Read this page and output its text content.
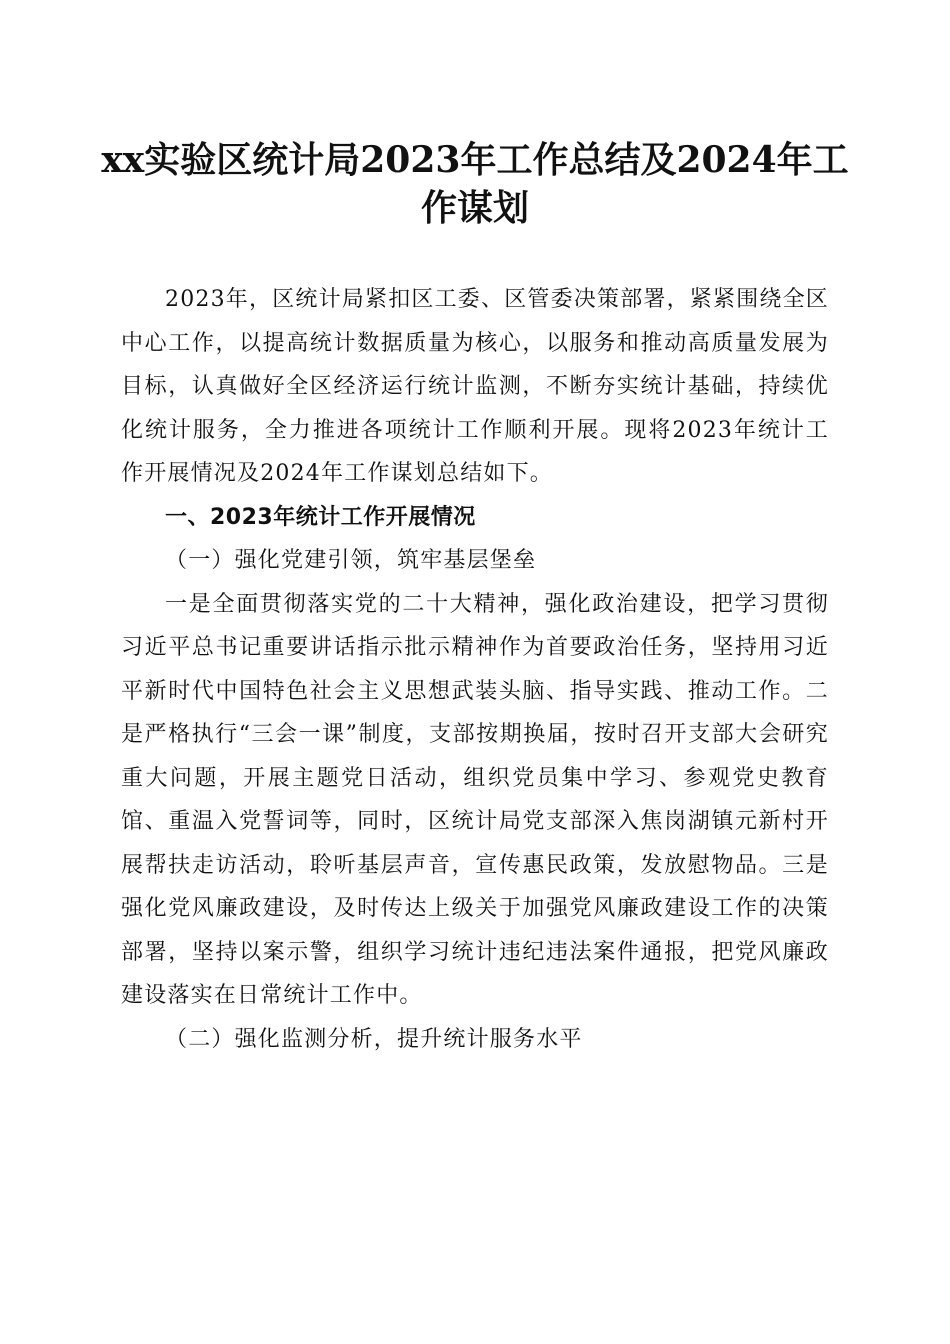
xx实验区统计局2023年工作总结及2024年工作谋划

2023年，区统计局紧扣区工委、区管委决策部署，紧紧围绕全区中心工作，以提高统计数据质量为核心，以服务和推动高质量发展为目标，认真做好全区经济运行统计监测，不断夯实统计基础，持续优化统计服务，全力推进各项统计工作顺利开展。现将2023年统计工作开展情况及2024年工作谋划总结如下。

一、2023年统计工作开展情况

（一）强化党建引领，筑牢基层堡垒

一是全面贯彻落实党的二十大精神，强化政治建设，把学习贯彻习近平总书记重要讲话指示批示精神作为首要政治任务，坚持用习近平新时代中国特色社会主义思想武装头脑、指导实践、推动工作。二是严格执行“三会一课”制度，支部按期换届，按时召开支部大会研究重大问题，开展主题党日活动，组织党员集中学习、参观党史教育馆、重温入党誓词等，同时，区统计局党支部深入焦岗湖镇元新村开展帮扶走访活动，聆听基层声音，宣传惠民政策，发放慰物品。三是强化党风廉政建设，及时传达上级关于加强党风廉政建设工作的决策部署，坚持以案示警，组织学习统计违纪违法案件通报，把党风廉政建设落实在日常统计工作中。

（二）强化监测分析，提升统计服务水平
